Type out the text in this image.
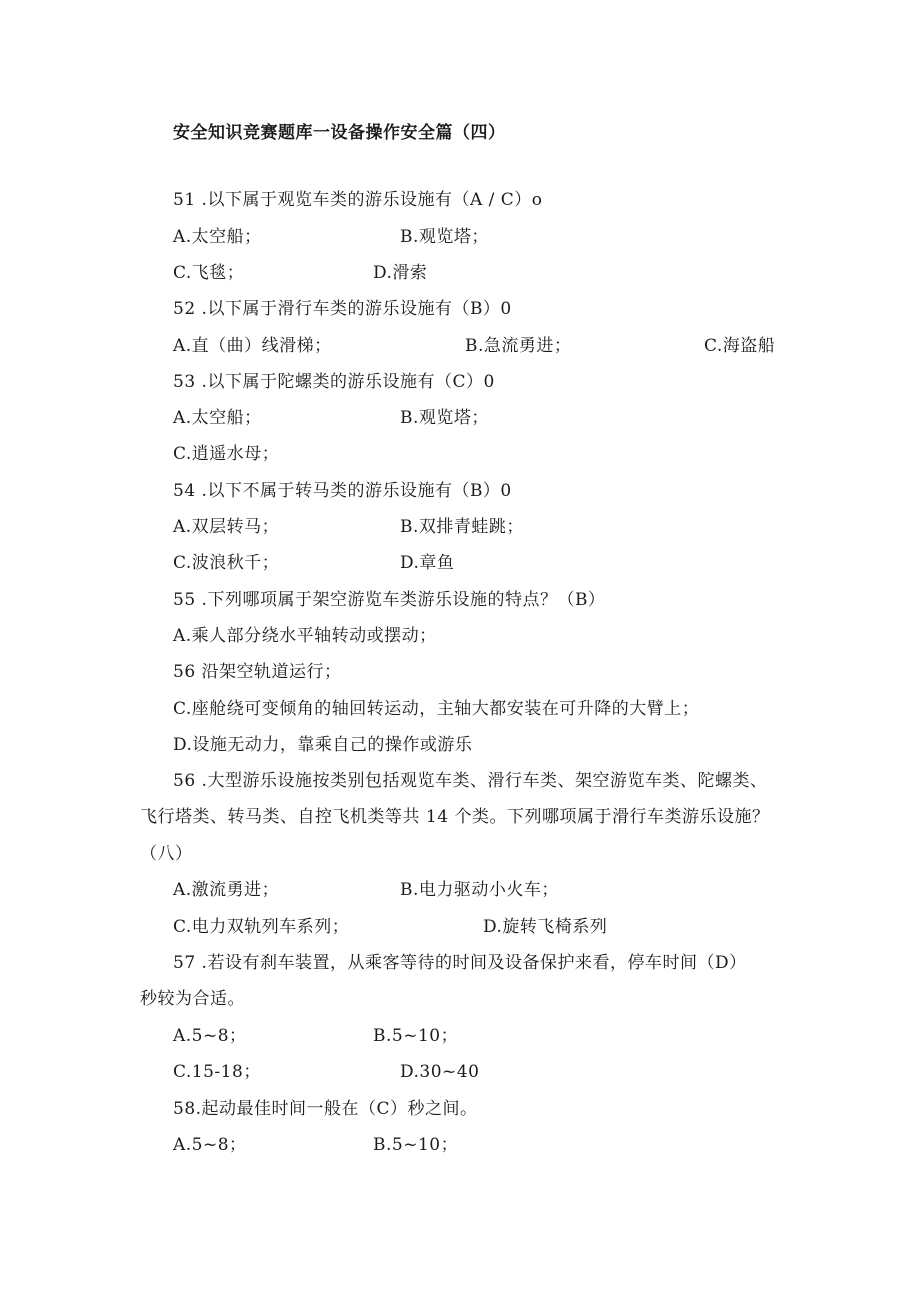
安全知识竞赛题库一设备操作安全篇（四）
51 .以下属于观览车类的游乐设施有（A / C）o
A.太空船；	B.观览塔；
C.飞毯；	D.滑索
52 .以下属于滑行车类的游乐设施有（B）0
A.直（曲）线滑梯；	B.急流勇进；	C.海盗船
53 .以下属于陀螺类的游乐设施有（C）0
A.太空船；	B.观览塔；
C.逍遥水母；
54 .以下不属于转马类的游乐设施有（B）0
A.双层转马；	B.双排青蛙跳；
C.波浪秋千；	D.章鱼
55 .下列哪项属于架空游览车类游乐设施的特点？（B）
A.乘人部分绕水平轴转动或摆动；
56 沿架空轨道运行；
C.座舱绕可变倾角的轴回转运动，主轴大都安装在可升降的大臂上；
D.设施无动力，靠乘自己的操作或游乐
56 .大型游乐设施按类别包括观览车类、滑行车类、架空游览车类、陀螺类、
飞行塔类、转马类、自控飞机类等共 14 个类。下列哪项属于滑行车类游乐设施？
（八）
A.激流勇进；	B.电力驱动小火车；
C.电力双轨列车系列；	D.旋转飞椅系列
57 .若设有刹车装置，从乘客等待的时间及设备保护来看，停车时间（D）
秒较为合适。
A.5~8；	B.5~10；
C.15-18；	D.30~40
58.起动最佳时间一般在（C）秒之间。
A.5~8；	B.5~10；
